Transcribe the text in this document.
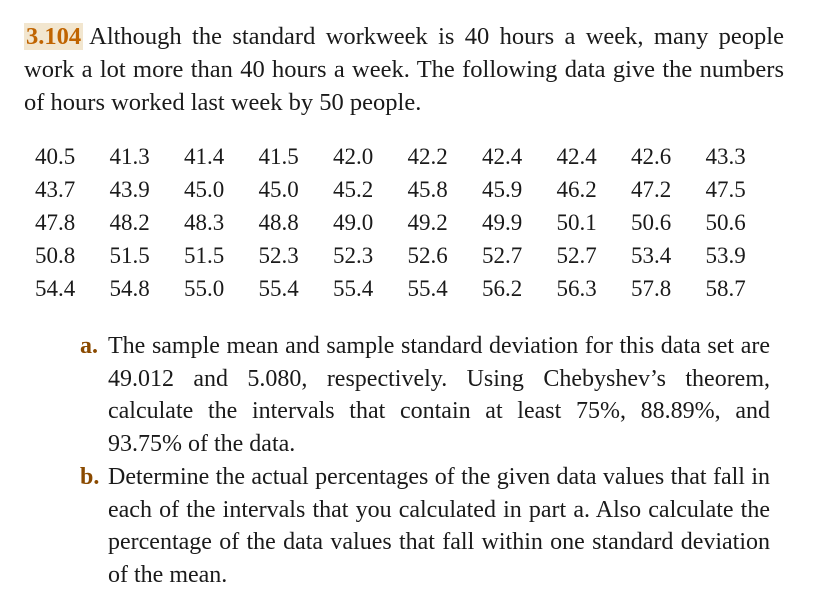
3.104 Although the standard workweek is 40 hours a week, many people work a lot more than 40 hours a week. The following data give the numbers of hours worked last week by 50 people.
40.5	41.3	41.4	41.5	42.0	42.2	42.4	42.4	42.6	43.3
43.7	43.9	45.0	45.0	45.2	45.8	45.9	46.2	47.2	47.5
47.8	48.2	48.3	48.8	49.0	49.2	49.9	50.1	50.6	50.6
50.8	51.5	51.5	52.3	52.3	52.6	52.7	52.7	53.4	53.9
54.4	54.8	55.0	55.4	55.4	55.4	56.2	56.3	57.8	58.7
a. The sample mean and sample standard deviation for this data set are 49.012 and 5.080, respectively. Using Chebyshev’s theorem, calculate the intervals that contain at least 75%, 88.89%, and 93.75% of the data.
b. Determine the actual percentages of the given data values that fall in each of the intervals that you calculated in part a. Also calculate the percentage of the data values that fall within one standard deviation of the mean.
